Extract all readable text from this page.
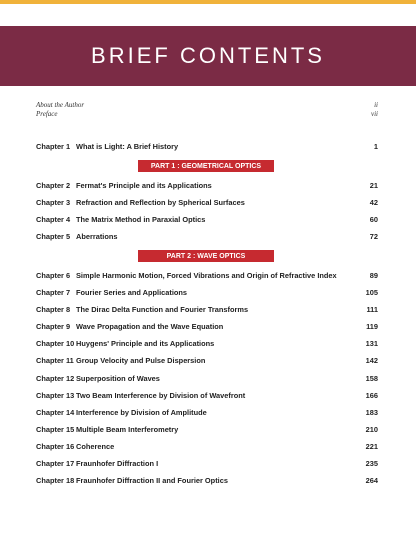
BRIEF CONTENTS
About the Author	ii
Preface	vii
Chapter 1 What is Light: A Brief History	1
PART 1 : GEOMETRICAL OPTICS
Chapter 2 Fermat's Principle and its Applications	21
Chapter 3 Refraction and Reflection by Spherical Surfaces	42
Chapter 4 The Matrix Method in Paraxial Optics	60
Chapter 5 Aberrations	72
PART 2 : WAVE OPTICS
Chapter 6 Simple Harmonic Motion, Forced Vibrations and Origin of Refractive Index	89
Chapter 7 Fourier Series and Applications	105
Chapter 8 The Dirac Delta Function and Fourier Transforms	111
Chapter 9 Wave Propagation and the Wave Equation	119
Chapter 10 Huygens' Principle and its Applications	131
Chapter 11 Group Velocity and Pulse Dispersion	142
Chapter 12 Superposition of Waves	158
Chapter 13 Two Beam Interference by Division of Wavefront	166
Chapter 14 Interference by Division of Amplitude	183
Chapter 15 Multiple Beam Interferometry	210
Chapter 16 Coherence	221
Chapter 17 Fraunhofer Diffraction I	235
Chapter 18 Fraunhofer Diffraction II and Fourier Optics	264
